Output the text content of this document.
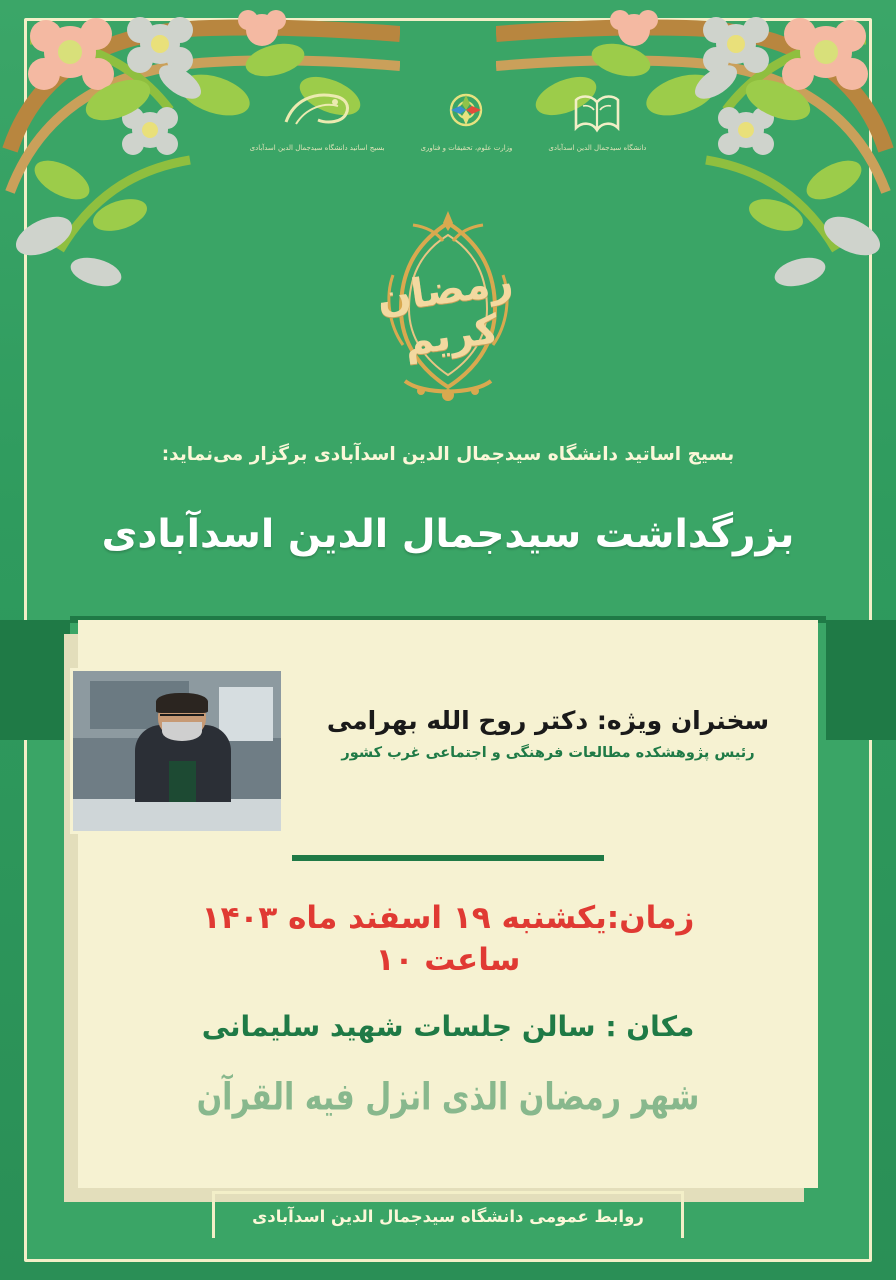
دانشگاه سیدجمال الدین اسدآبادی
وزارت علوم، تحقیقات و فناوری
بسیج اساتید دانشگاه سیدجمال الدین اسدآبادی
رمضان کریم
بسیج اساتید دانشگاه سیدجمال الدین اسدآبادی برگزار می‌نماید:
بزرگداشت سیدجمال الدین اسدآبادی
سخنران ویژه: دکتر روح الله بهرامی
رئیس پژوهشکده مطالعات فرهنگی و اجتماعی غرب کشور
زمان:یکشنبه ۱۹ اسفند ماه ۱۴۰۳
ساعت ۱۰
مکان : سالن جلسات شهید سلیمانی
شهر رمضان الذی انزل فیه القرآن
روابط عمومی دانشگاه سیدجمال الدین اسدآبادی
